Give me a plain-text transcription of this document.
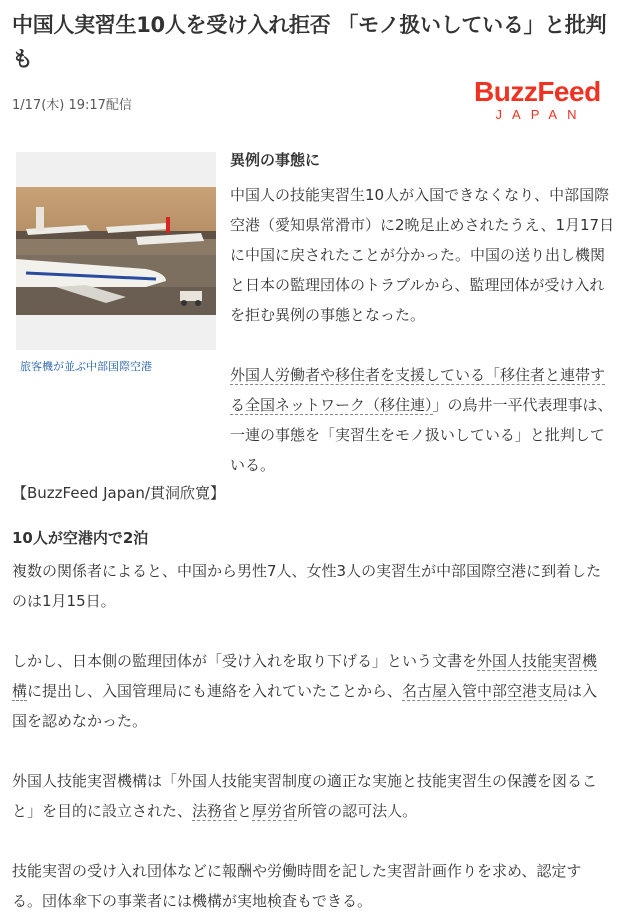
中国人実習生10人を受け入れ拒否 「モノ扱いしている」と批判も
1/17(木) 19:17配信	BuzzFeed
JAPAN
旅客機が並ぶ中部国際空港
異例の事態に

中国人の技能実習生10人が入国できなくなり、中部国際空港（愛知県常滑市）に2晩足止めされたうえ、1月17日に中国に戻されたことが分かった。中国の送り出し機関と日本の監理団体のトラブルから、監理団体が受け入れを拒む異例の事態となった。

外国人労働者や移住者を支援している「移住者と連帯する全国ネットワーク（移住連）」の鳥井一平代表理事は、一連の事態を「実習生をモノ扱いしている」と批判している。

【BuzzFeed Japan/貫洞欣寛】

10人が空港内で2泊

複数の関係者によると、中国から男性7人、女性3人の実習生が中部国際空港に到着したのは1月15日。

しかし、日本側の監理団体が「受け入れを取り下げる」という文書を外国人技能実習機構に提出し、入国管理局にも連絡を入れていたことから、名古屋入管中部空港支局は入国を認めなかった。

外国人技能実習機構は「外国人技能実習制度の適正な実施と技能実習生の保護を図ること」を目的に設立された、法務省と厚労省所管の認可法人。

技能実習の受け入れ団体などに報酬や労働時間を記した実習計画作りを求め、認定する。団体傘下の事業者には機構が実地検査もできる。
